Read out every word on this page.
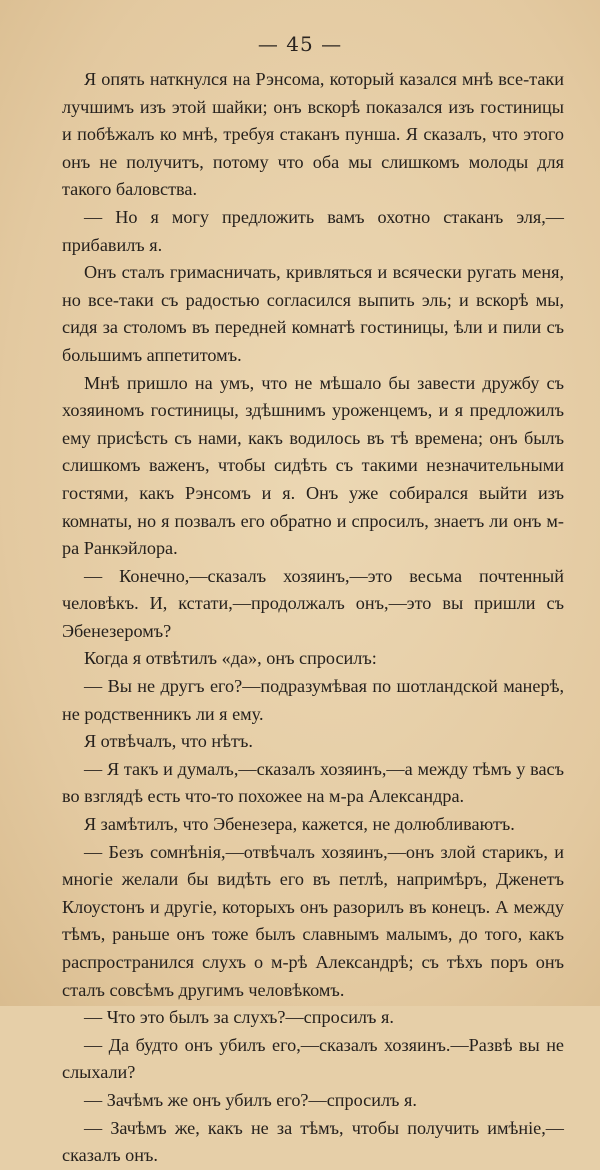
— 45 —

Я опять наткнулся на Рэнсома, который казался мнѣ все-таки лучшимъ изъ этой шайки; онъ вскорѣ показался изъ гостиницы и побѣжалъ ко мнѣ, требуя стаканъ пунша. Я сказалъ, что этого онъ не получитъ, потому что оба мы слишкомъ молоды для такого баловства.

— Но я могу предложить вамъ охотно стаканъ эля,—прибавилъ я.

Онъ сталъ гримасничать, кривляться и всячески ругать меня, но все-таки съ радостью согласился выпить эль; и вскорѣ мы, сидя за столомъ въ передней комнатѣ гостиницы, ѣли и пили съ большимъ аппетитомъ.

Мнѣ пришло на умъ, что не мѣшало бы завести дружбу съ хозяиномъ гостиницы, здѣшнимъ уроженцемъ, и я предложилъ ему присѣсть съ нами, какъ водилось въ тѣ времена; онъ былъ слишкомъ важенъ, чтобы сидѣть съ такими незначительными гостями, какъ Рэнсомъ и я. Онъ уже собирался выйти изъ комнаты, но я позвалъ его обратно и спросилъ, знаетъ ли онъ м-ра Ранкэйлора.

— Конечно,—сказалъ хозяинъ,—это весьма почтенный человѣкъ. И, кстати,—продолжалъ онъ,—это вы пришли съ Эбенезеромъ?

Когда я отвѣтилъ «да», онъ спросилъ:

— Вы не другъ его?—подразумѣвая по шотландской манерѣ, не родственникъ ли я ему.

Я отвѣчалъ, что нѣтъ.

— Я такъ и думалъ,—сказалъ хозяинъ,—а между тѣмъ у васъ во взглядѣ есть что-то похожее на м-ра Александра.

Я замѣтилъ, что Эбенезера, кажется, не долюбливаютъ.

— Безъ сомнѣнія,—отвѣчалъ хозяинъ,—онъ злой старикъ, и многіе желали бы видѣть его въ петлѣ, напримѣръ, Дженетъ Клоустонъ и другіе, которыхъ онъ разорилъ въ конецъ. А между тѣмъ, раньше онъ тоже былъ славнымъ малымъ, до того, какъ распространился слухъ о м-рѣ Александрѣ; съ тѣхъ поръ онъ сталъ совсѣмъ другимъ человѣкомъ.

— Что это былъ за слухъ?—спросилъ я.

— Да будто онъ убилъ его,—сказалъ хозяинъ.—Развѣ вы не слыхали?

— Зачѣмъ же онъ убилъ его?—спросилъ я.

— Зачѣмъ же, какъ не за тѣмъ, чтобы получить имѣніе,—сказалъ онъ.
